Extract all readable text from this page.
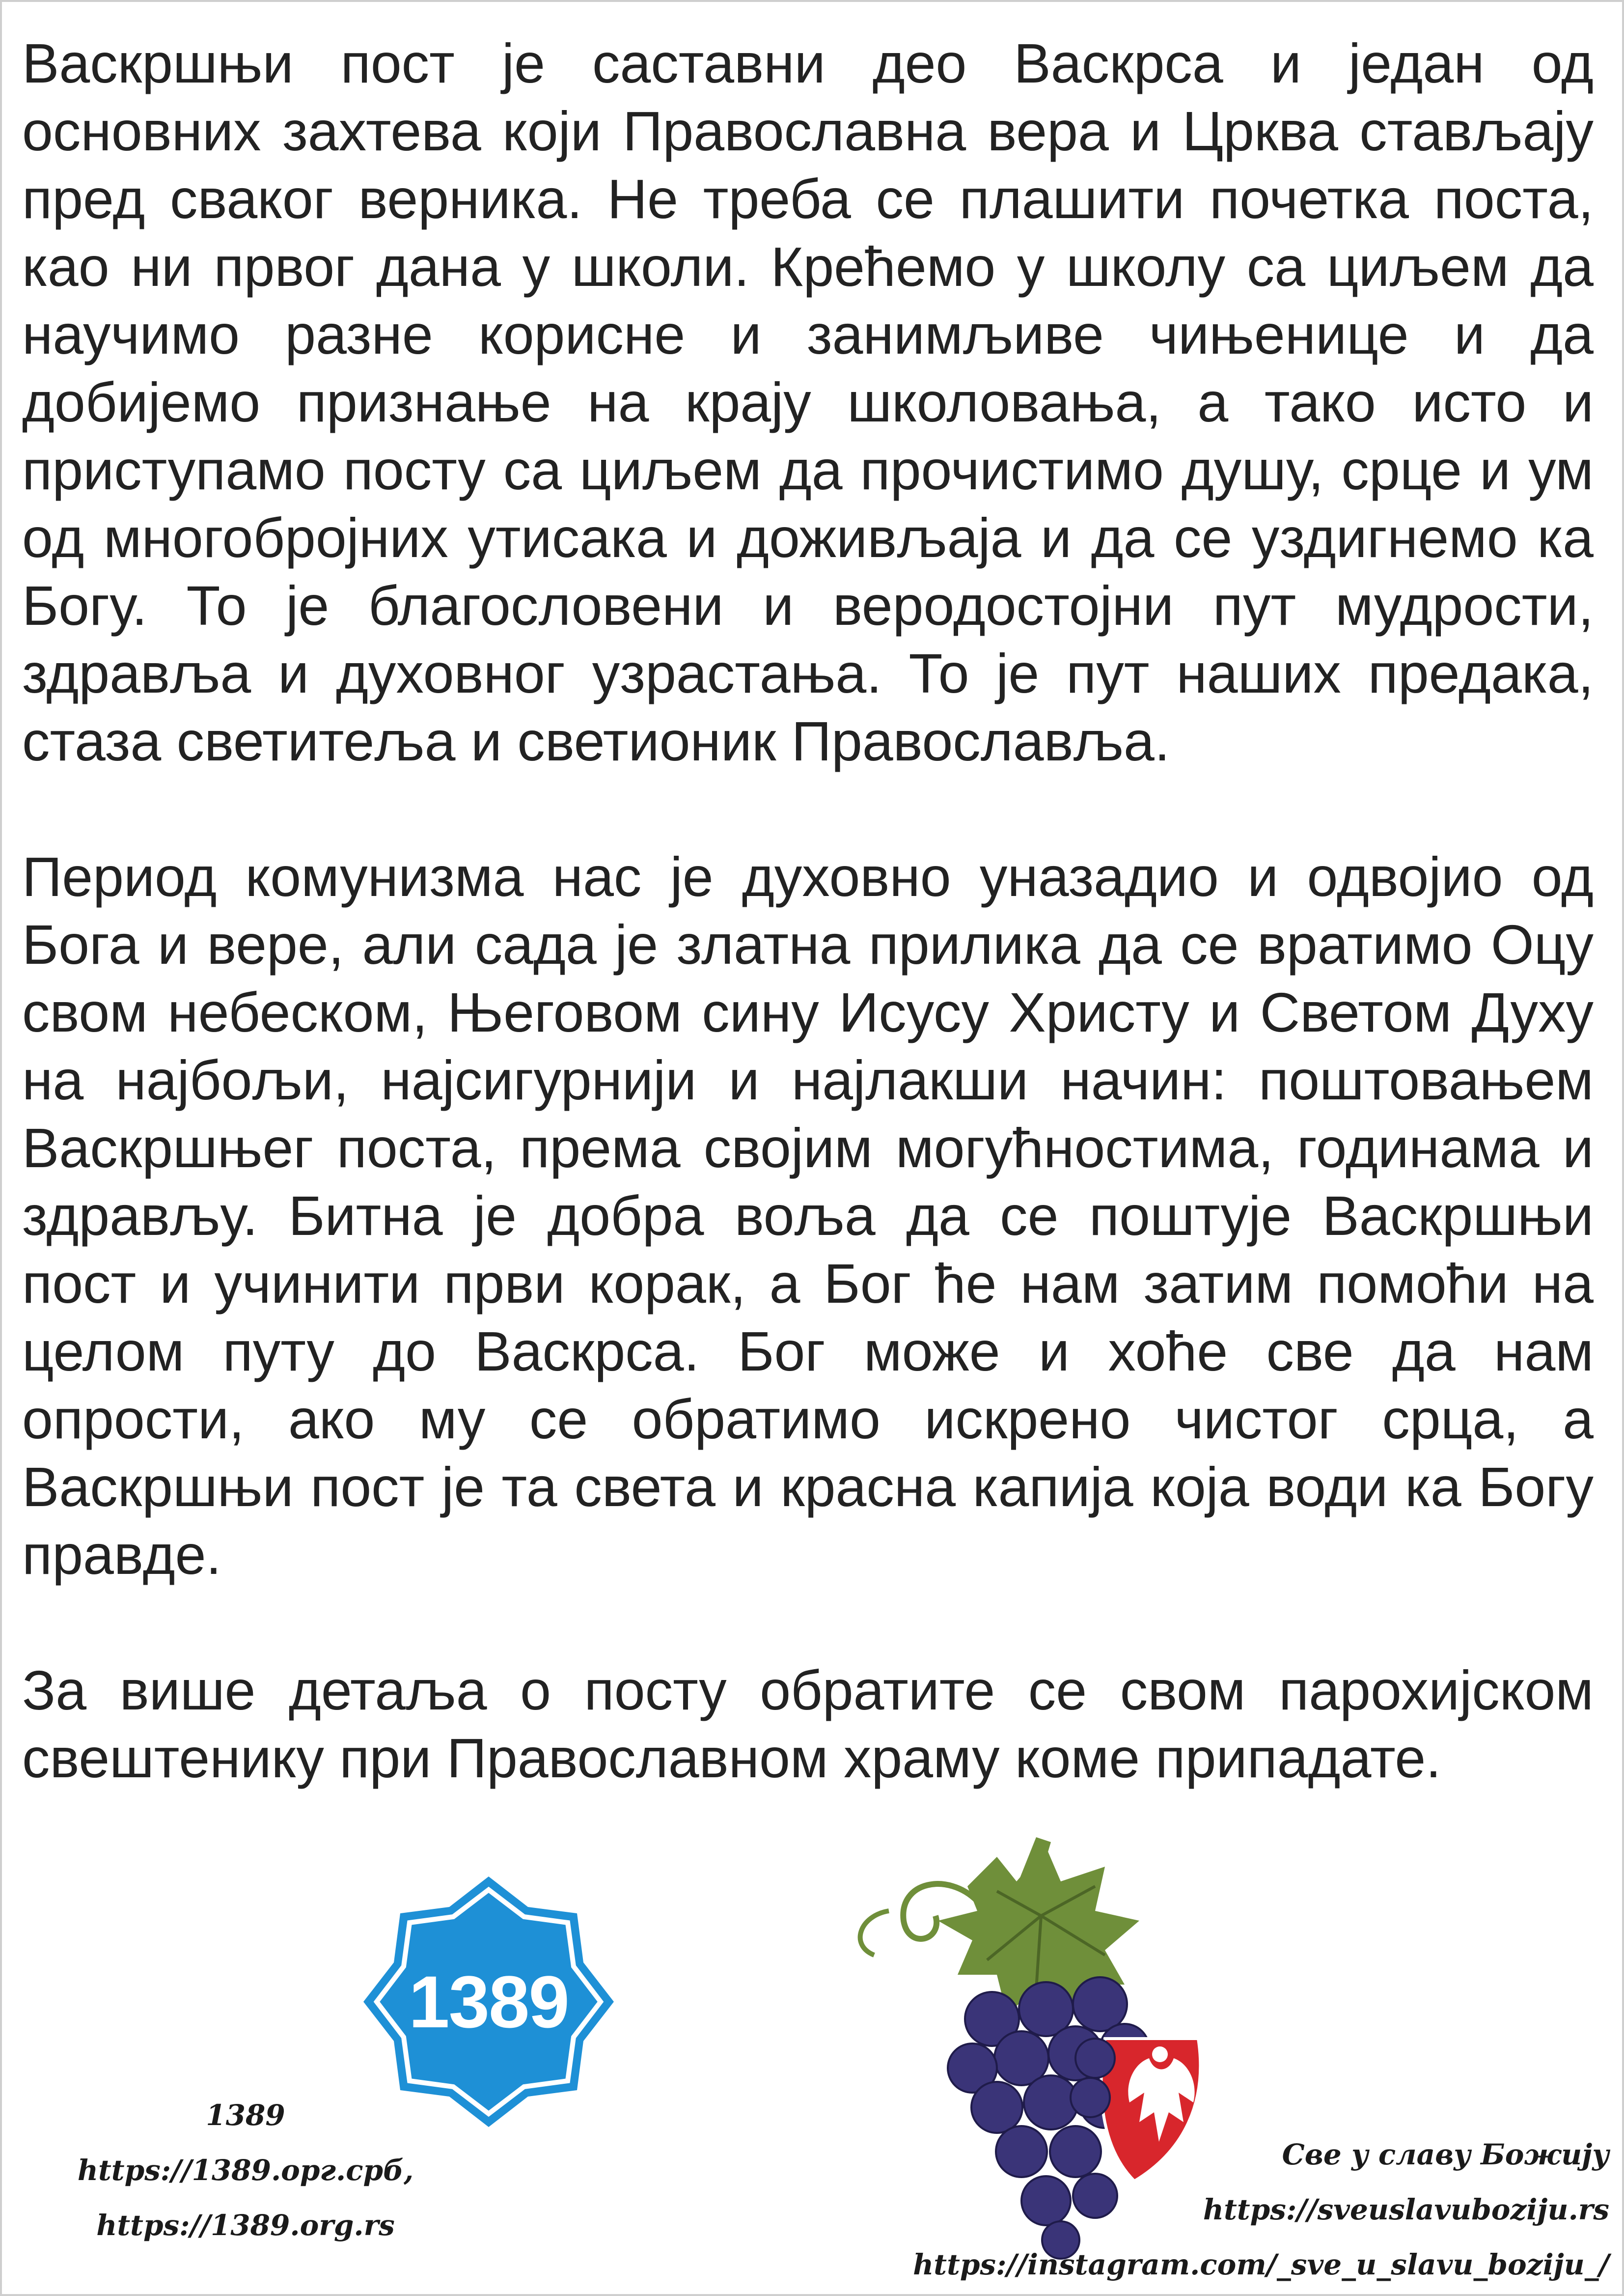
Васкршњи пост је саставни део Васкрса и један од основних захтева који Православна вера и Црква стављају пред сваког верника. Не треба се плашити почетка поста, као ни првог дана у школи. Крећемо у школу са циљем да научимо разне корисне и занимљиве чињенице и да добијемо признање на крају школовања, а тако исто и приступамо посту са циљем да прочистимо душу, срце и ум од многобројних утисака и доживљаја и да се уздигнемо ка Богу. То је благословени и веродостојни пут мудрости, здравља и духовног узрастања. То је пут наших предака, стаза светитеља и светионик Православља.

Период комунизма нас је духовно уназадио и одвојио од Бога и вере, али сада је златна прилика да се вратимо Оцу свом небеском, Његовом сину Исусу Христу и Светом Духу на најбољи, најсигурнији и најлакши начин: поштовањем Васкршњег поста, према својим могућностима, годинама и здрављу. Битна је добра воља да се поштује Васкршњи пост и учинити први корак, а Бог ће нам затим помоћи на целом путу до Васкрса. Бог може и хоће све да нам опрости, ако му се обратимо искрено чистог срца, а Васкршњи пост је та света и красна капија која води ка Богу правде.

За више детаља о посту обратите се свом парохијском свештенику при Православном храму коме припадате.

1389
1389
https://1389.орг.срб,
https://1389.org.rs
Све у славу Божију
https://sveuslavuboziju.rs
https://instagram.com/_sve_u_slavu_boziju_/
